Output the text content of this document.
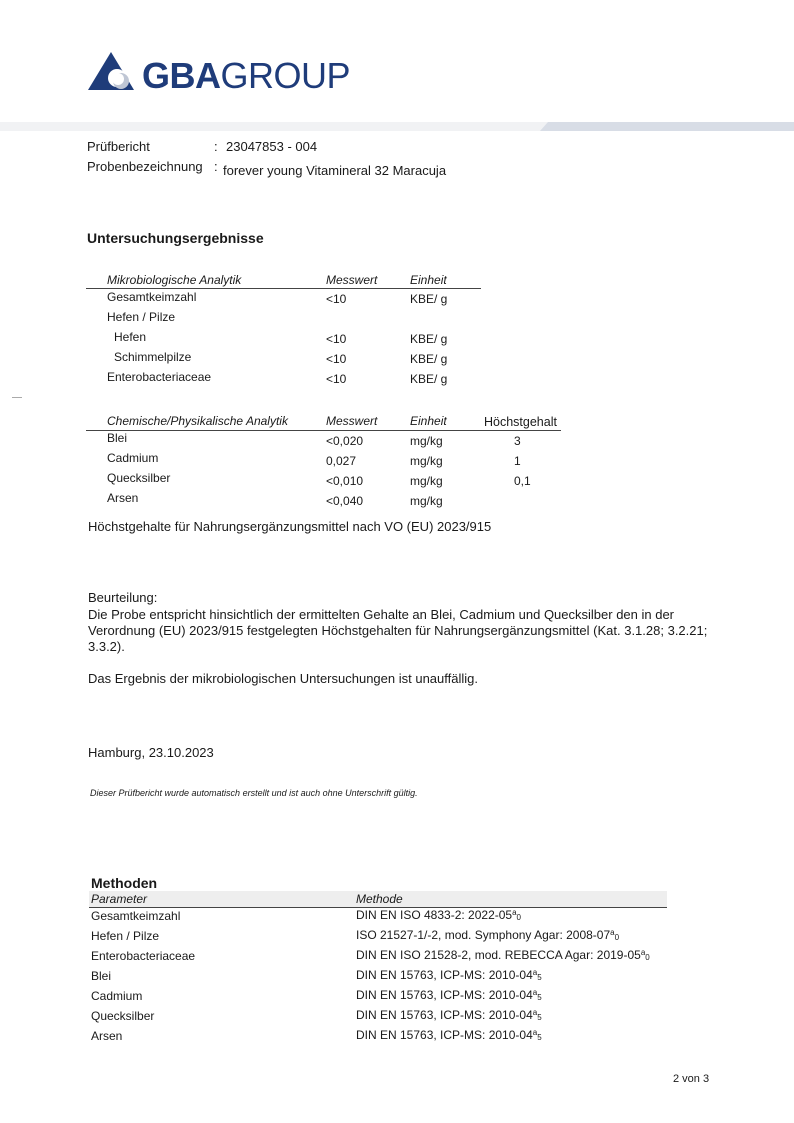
GBAGROUP
Prüfbericht	: 23047853 - 004
Probenbezeichnung : forever young Vitamineral 32 Maracuja
Untersuchungsergebnisse
Mikrobiologische Analytik	Messwert	Einheit
Gesamtkeimzahl	<10	KBE/ g
Hefen / Pilze
Hefen	<10	KBE/ g
Schimmelpilze	<10	KBE/ g
Enterobacteriaceae	<10	KBE/ g
Chemische/Physikalische Analytik	Messwert	Einheit	Höchstgehalt
Blei	<0,020	mg/kg	3
Cadmium	0,027	mg/kg	1
Quecksilber	<0,010	mg/kg	0,1
Arsen	<0,040	mg/kg
Höchstgehalte für Nahrungsergänzungsmittel nach VO (EU) 2023/915
Beurteilung:
Die Probe entspricht hinsichtlich der ermittelten Gehalte an Blei, Cadmium und Quecksilber den in der
Verordnung (EU) 2023/915 festgelegten Höchstgehalten für Nahrungsergänzungsmittel (Kat. 3.1.28; 3.2.21;
3.3.2).
Das Ergebnis der mikrobiologischen Untersuchungen ist unauffällig.
Hamburg, 23.10.2023
Dieser Prüfbericht wurde automatisch erstellt und ist auch ohne Unterschrift gültig.
Methoden
Parameter	Methode
Gesamtkeimzahl	DIN EN ISO 4833-2: 2022-05$^a$0
Hefen / Pilze	ISO 21527-1/-2, mod. Symphony Agar: 2008-07$^a$0
Enterobacteriaceae	DIN EN ISO 21528-2, mod. REBECCA Agar: 2019-05$^a$0
Blei	DIN EN 15763, ICP-MS: 2010-04$^a$5
Cadmium	DIN EN 15763, ICP-MS: 2010-04$^a$5
Quecksilber	DIN EN 15763, ICP-MS: 2010-04$^a$5
Arsen	DIN EN 15763, ICP-MS: 2010-04$^a$5
2 von 3
